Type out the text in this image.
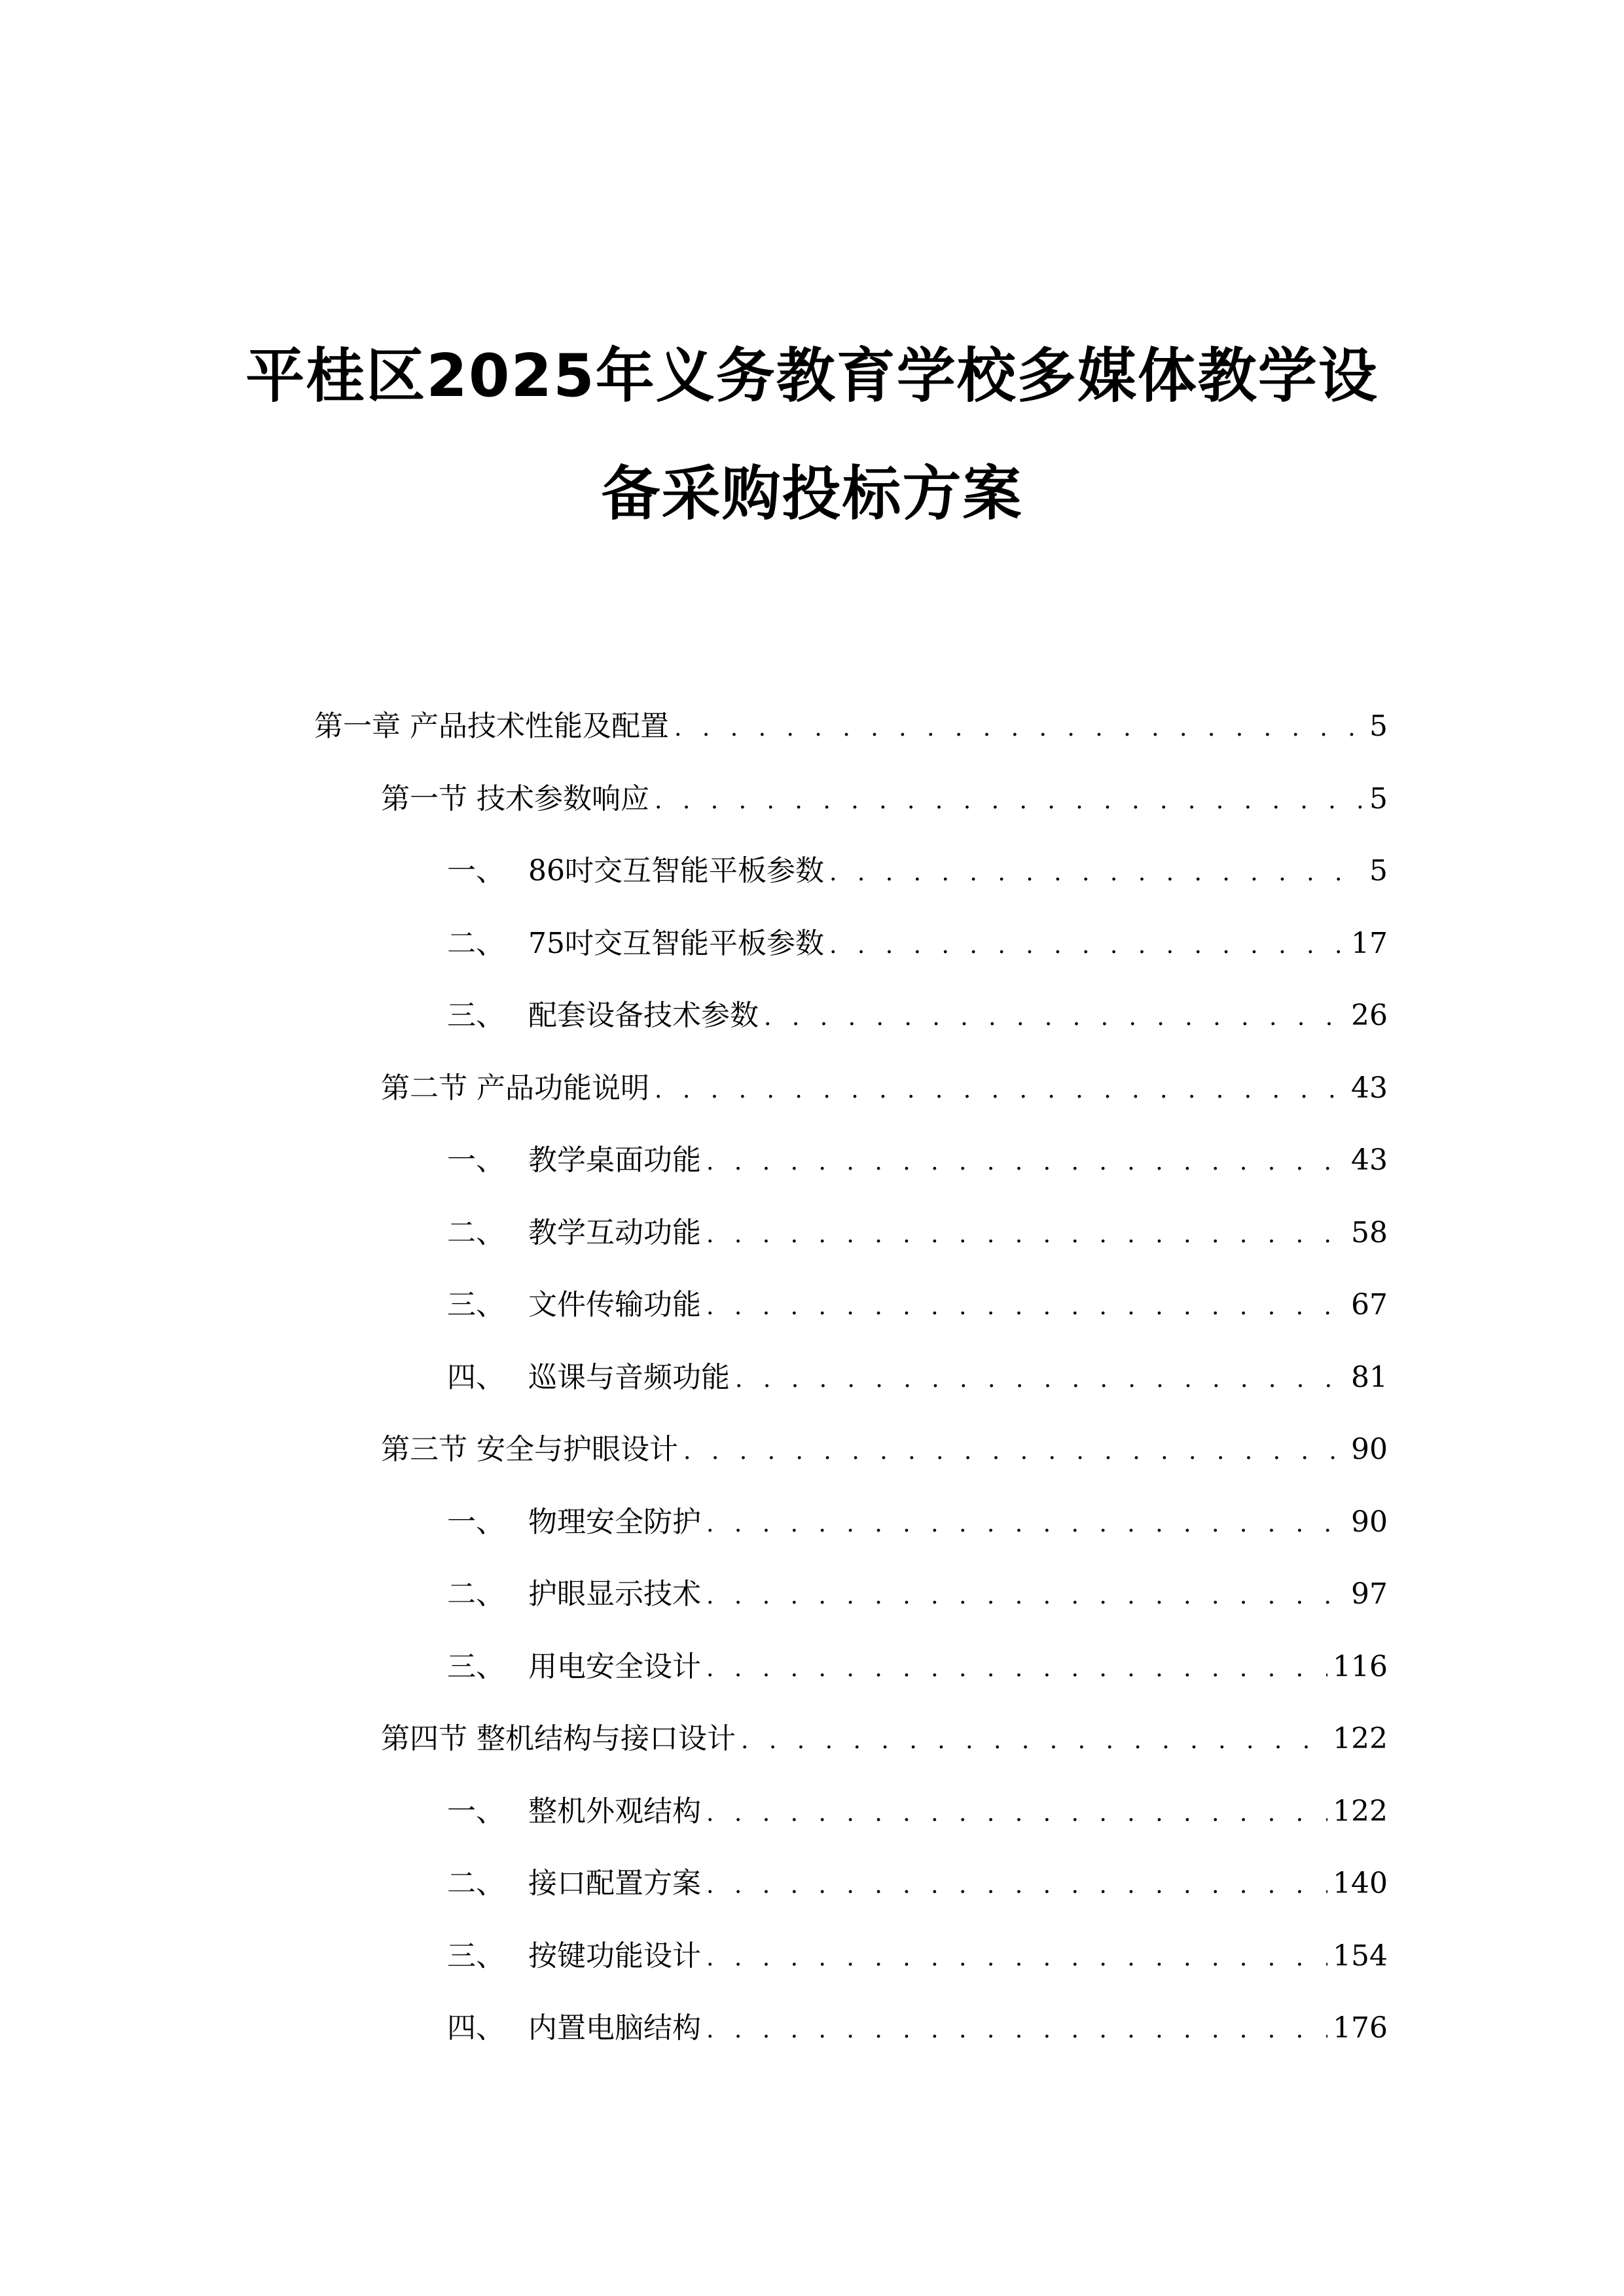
平桂区2025年义务教育学校多媒体教学设
备采购投标方案
第一章 产品技术性能及配置 . . .	5
第一节 技术参数响应 . . .	5
一、 86吋交互智能平板参数 . . .	5
二、 75吋交互智能平板参数 . . .	17
三、 配套设备技术参数 . . .	26
第二节 产品功能说明 . . .	43
一、 教学桌面功能 . . .	43
二、 教学互动功能 . . .	58
三、 文件传输功能 . . .	67
四、 巡课与音频功能 . . .	81
第三节 安全与护眼设计 . . .	90
一、 物理安全防护 . . .	90
二、 护眼显示技术 . . .	97
三、 用电安全设计 . . .	116
第四节 整机结构与接口设计 . . .	122
一、 整机外观结构 . . .	122
二、 接口配置方案 . . .	140
三、 按键功能设计 . . .	154
四、 内置电脑结构 . . .	176
